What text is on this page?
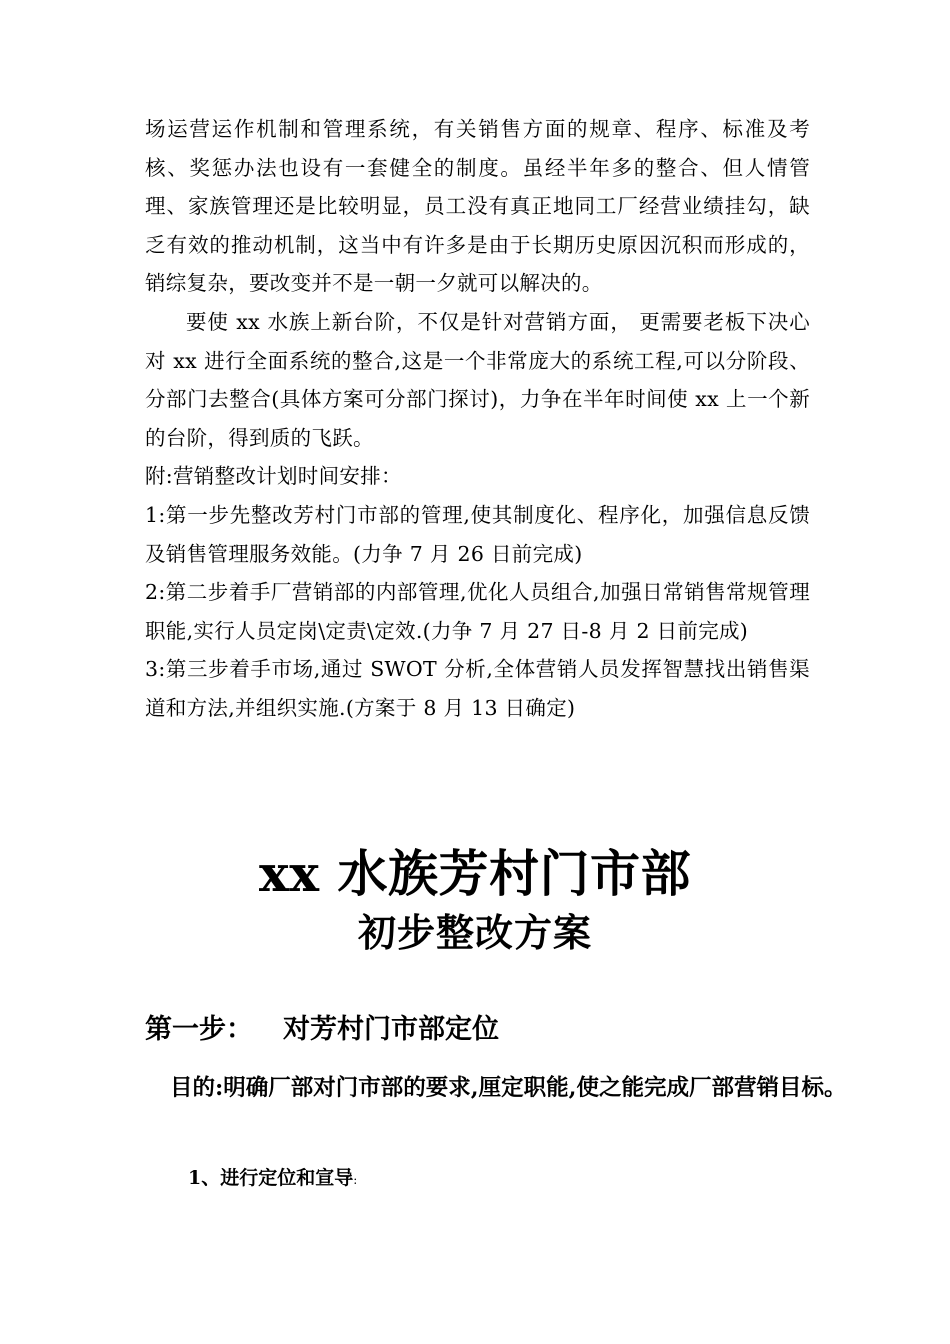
场运营运作机制和管理系统，有关销售方面的规章、程序、标准及考核、奖惩办法也设有一套健全的制度。虽经半年多的整合、但人情管理、家族管理还是比较明显，员工没有真正地同工厂经营业绩挂勾，缺乏有效的推动机制，这当中有许多是由于长期历史原因沉积而形成的，销综复杂，要改变并不是一朝一夕就可以解决的。

要使 xx 水族上新台阶，不仅是针对营销方面， 更需要老板下决心对 xx 进行全面系统的整合,这是一个非常庞大的系统工程,可以分阶段、分部门去整合(具体方案可分部门探讨)，力争在半年时间使 xx 上一个新的台阶，得到质的飞跃。

附:营销整改计划时间安排：

1:第一步先整改芳村门市部的管理,使其制度化、程序化，加强信息反馈及销售管理服务效能。(力争 7 月 26 日前完成)

2:第二步着手厂营销部的内部管理,优化人员组合,加强日常销售常规管理职能,实行人员定岗\定责\定效.(力争 7 月 27 日-8 月 2 日前完成)

3:第三步着手市场,通过 SWOT 分析,全体营销人员发挥智慧找出销售渠道和方法,并组织实施.(方案于 8 月 13 日确定)

xx 水族芳村门市部

初步整改方案

第一步： 对芳村门市部定位

目的:明确厂部对门市部的要求,厘定职能,使之能完成厂部营销目标。

1、进行定位和宣导:
